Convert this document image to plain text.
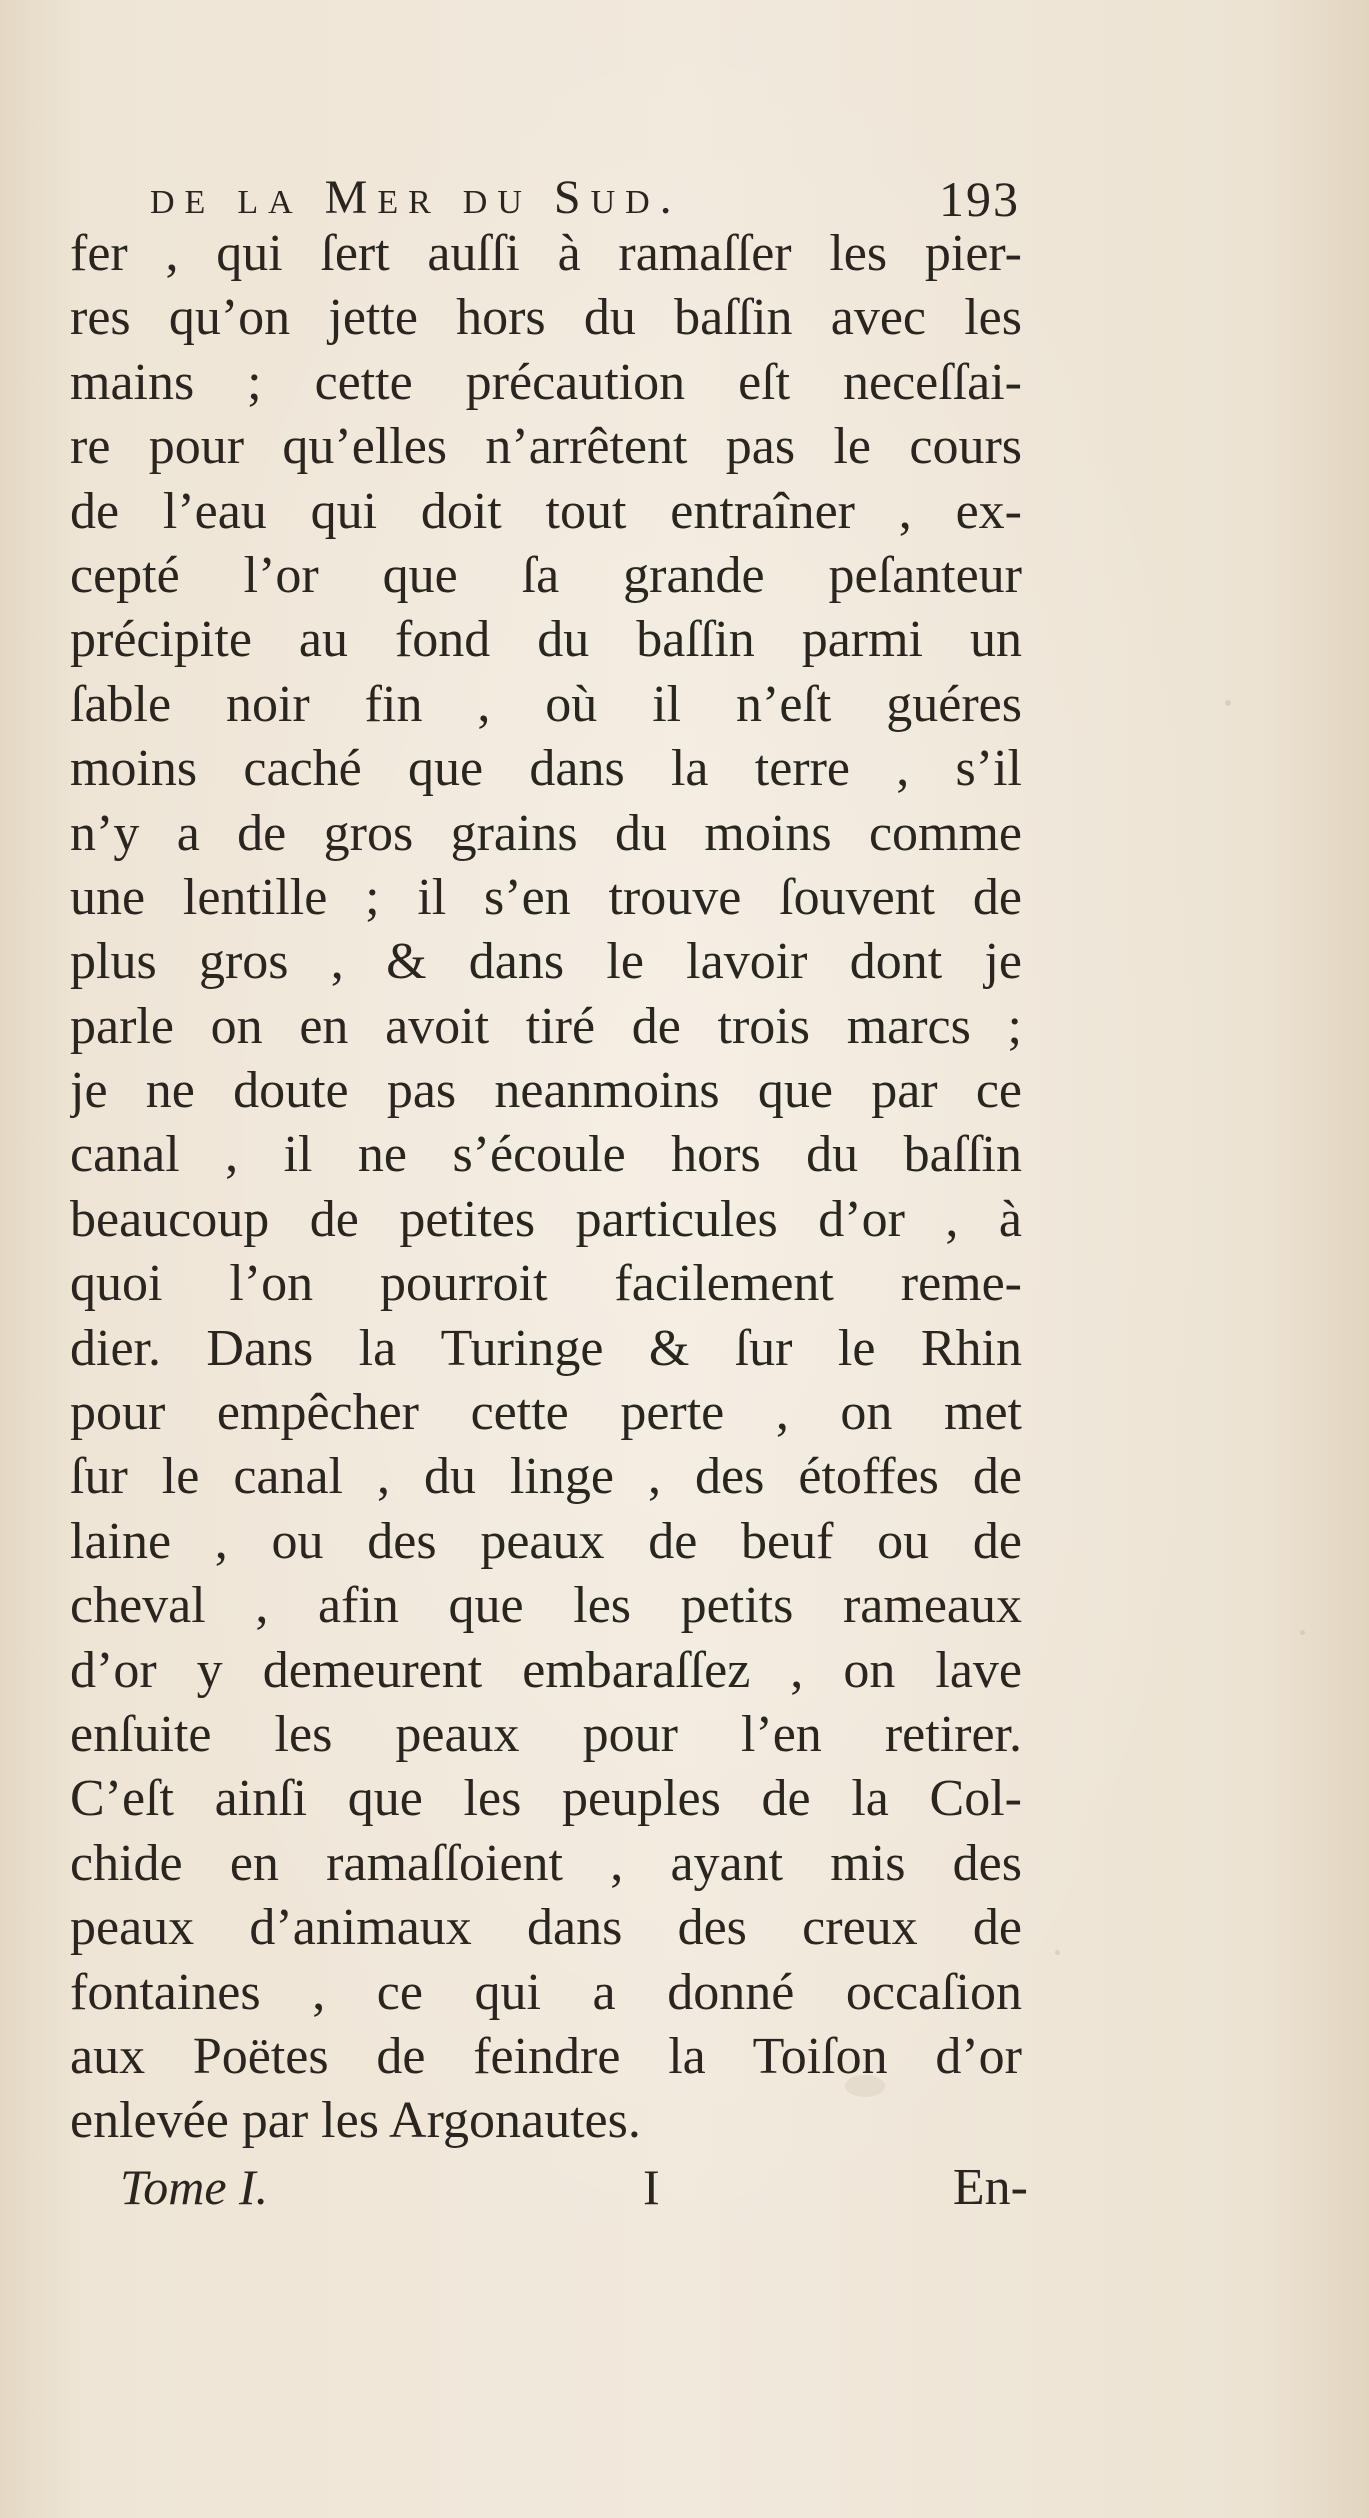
de la Mer du Sud.	193
fer , qui ſert auſſi à ramaſſer les pier-
res qu’on jette hors du baſſin avec les
mains ; cette précaution eſt neceſſai-
re pour qu’elles n’arrêtent pas le cours
de l’eau qui doit tout entraîner , ex-
cepté l’or que ſa grande peſanteur
précipite au fond du baſſin parmi un
ſable noir fin , où il n’eſt guéres
moins caché que dans la terre , s’il
n’y a de gros grains du moins comme
une lentille ; il s’en trouve ſouvent de
plus gros , & dans le lavoir dont je
parle on en avoit tiré de trois marcs ;
je ne doute pas neanmoins que par ce
canal , il ne s’écoule hors du baſſin
beaucoup de petites particules d’or , à
quoi l’on pourroit facilement reme-
dier. Dans la Turinge & ſur le Rhin
pour empêcher cette perte , on met
ſur le canal , du linge , des étoffes de
laine , ou des peaux de beuf ou de
cheval , afin que les petits rameaux
d’or y demeurent embaraſſez , on lave
enſuite les peaux pour l’en retirer.
C’eſt ainſi que les peuples de la Col-
chide en ramaſſoient , ayant mis des
peaux d’animaux dans des creux de
fontaines , ce qui a donné occaſion
aux Poëtes de feindre la Toiſon d’or
enlevée par les Argonautes.
Tome I.	I	En-
